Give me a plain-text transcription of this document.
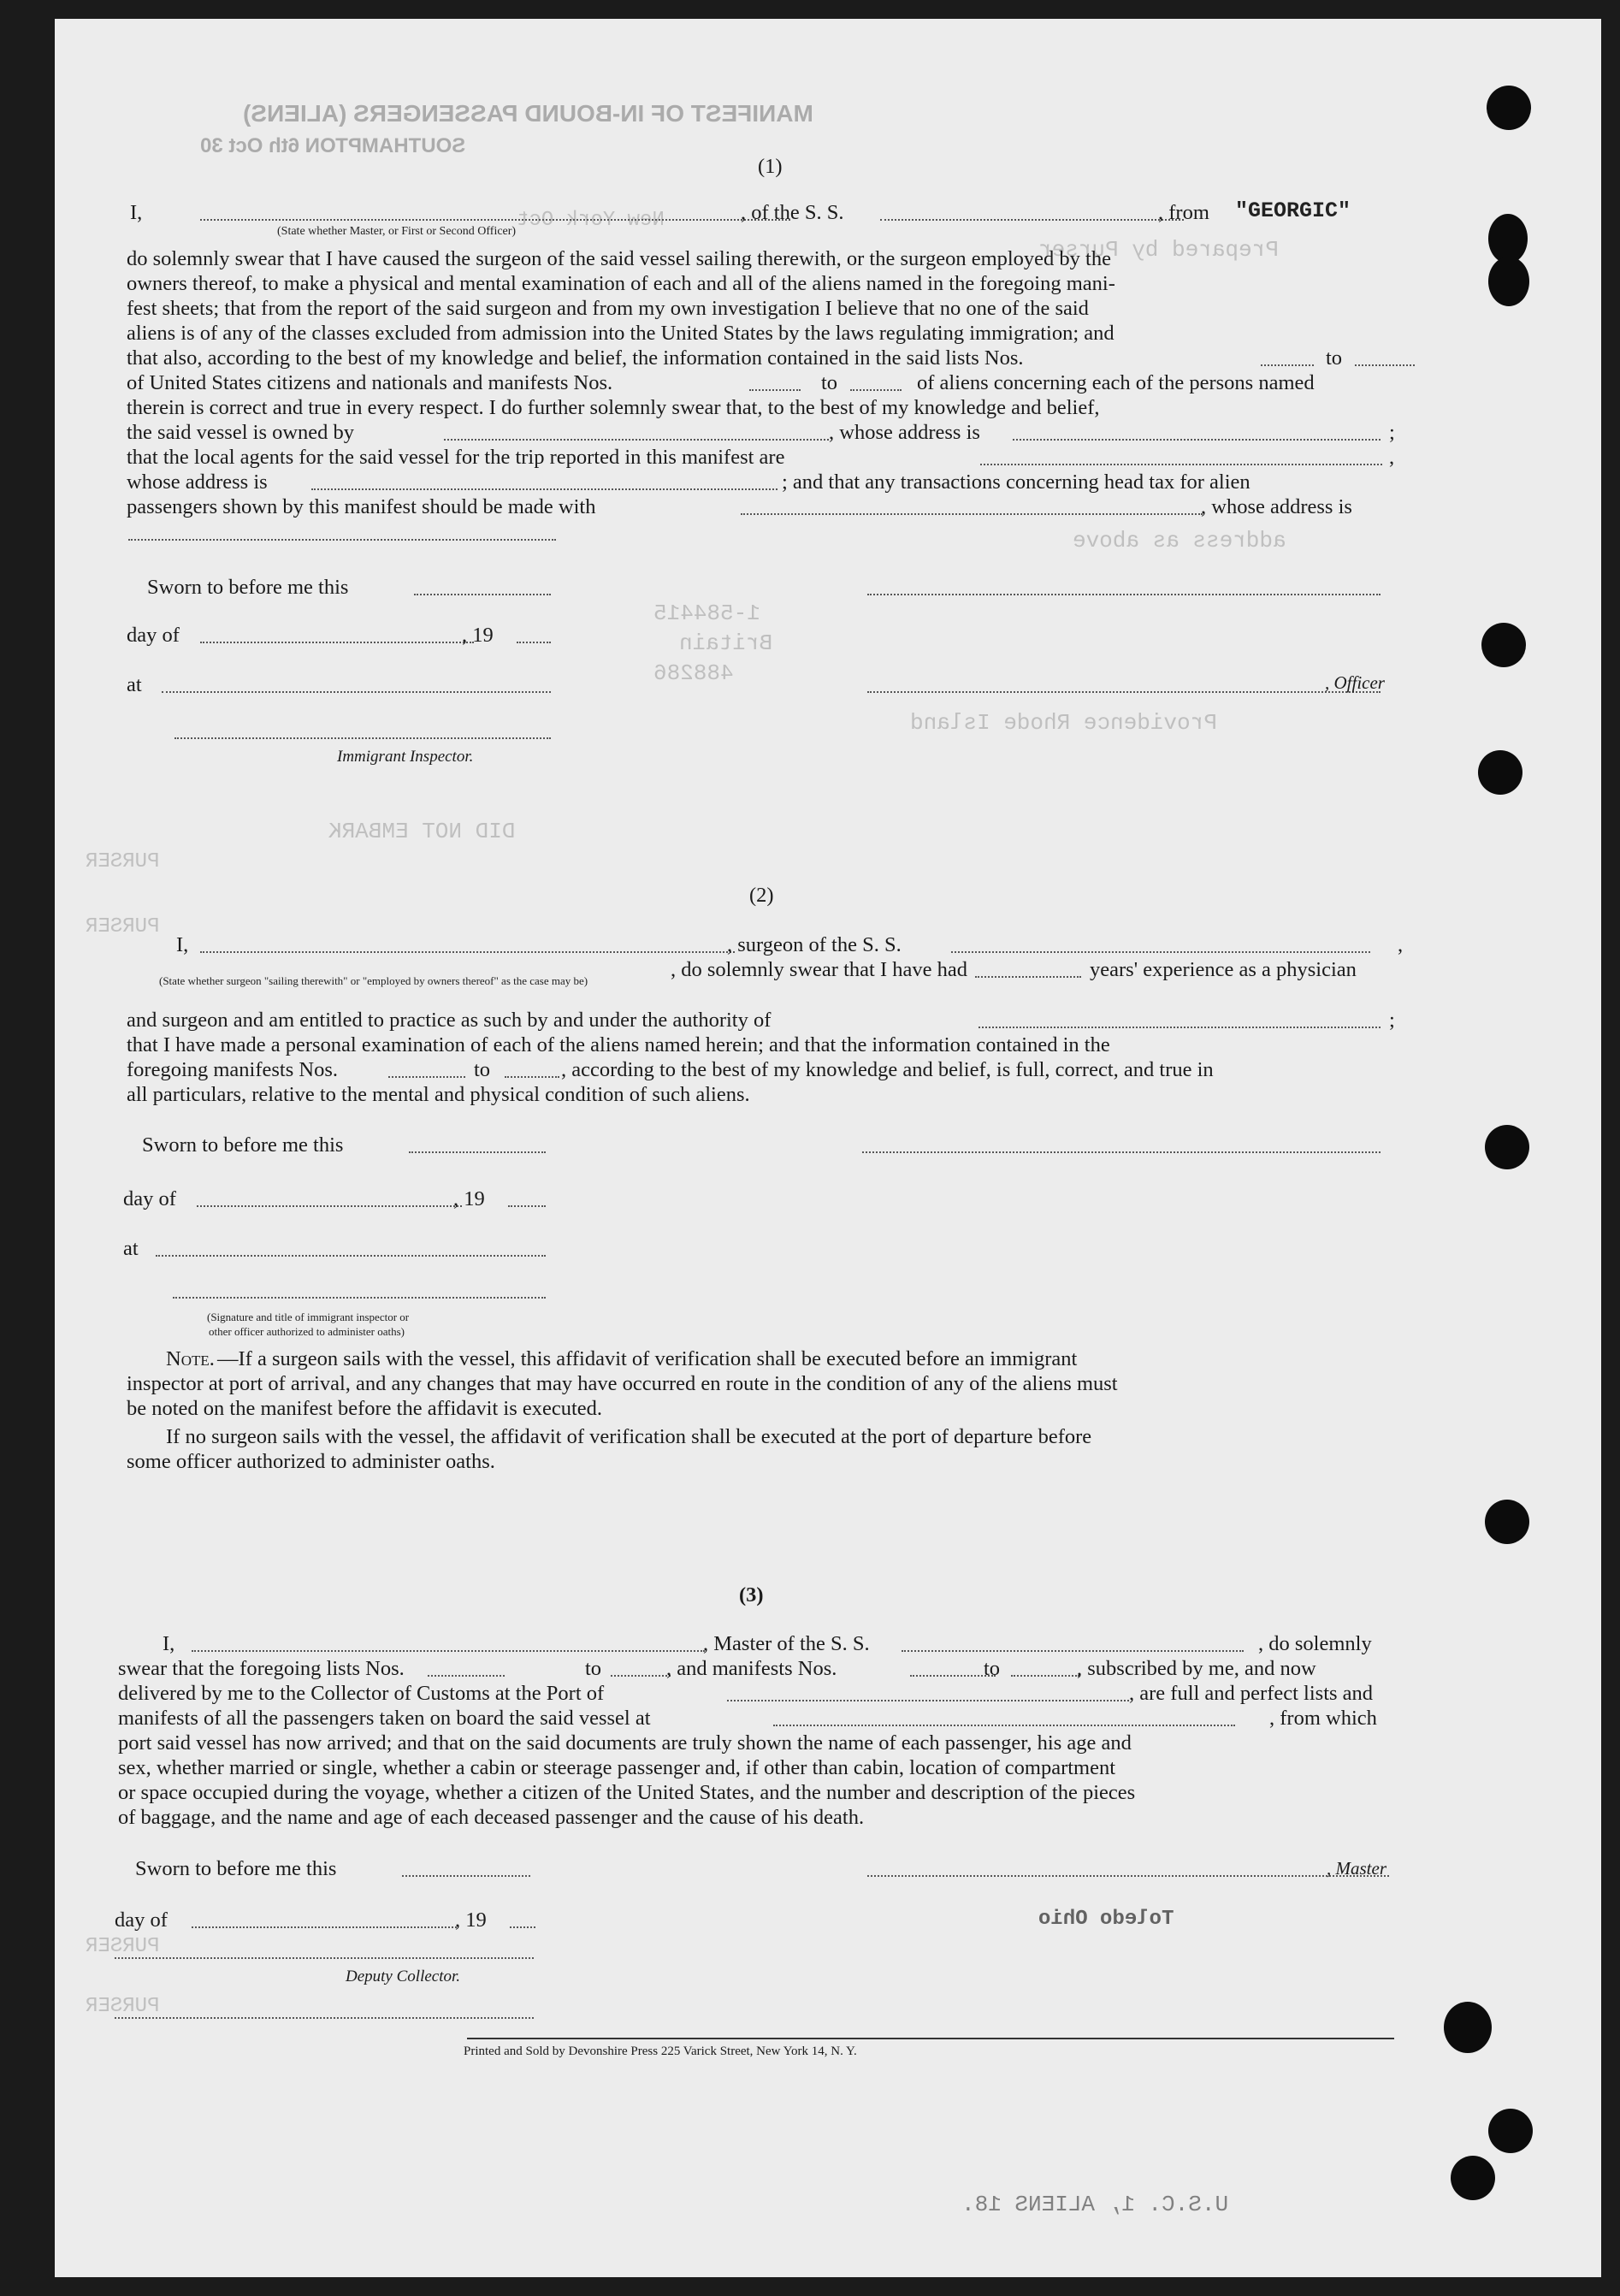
MANIFEST OF IN-BOUND PASSENGERS (ALIENS)
SOUTHAMPTON 6th Oct 30
New York Oct
Prepared by Purser
address as above
1-584415
Britain
488286
Providence Rhode Island
DID NOT EMBARK
PURSER
PURSER
PURSER
PURSER
(1)
I,	, of the S. S.	, from "GEORGIC"
(State whether Master, or First or Second Officer)
do solemnly swear that I have caused the surgeon of the said vessel sailing therewith, or the surgeon employed by the
owners thereof, to make a physical and mental examination of each and all of the aliens named in the foregoing mani-
fest sheets; that from the report of the said surgeon and from my own investigation I believe that no one of the said
aliens is of any of the classes excluded from admission into the United States by the laws regulating immigration; and
that also, according to the best of my knowledge and belief, the information contained in the said lists Nos.	to
of United States citizens and nationals and manifests Nos.	to	of aliens concerning each of the persons named
therein is correct and true in every respect. I do further solemnly swear that, to the best of my knowledge and belief,
the said vessel is owned by	, whose address is	;
that the local agents for the said vessel for the trip reported in this manifest are	,
whose address is	; and that any transactions concerning head tax for alien
passengers shown by this manifest should be made with	, whose address is
Sworn to before me this
day of	, 19
at
Immigrant Inspector.
, Officer
(2)
I,	, surgeon of the S. S.	,
(State whether surgeon "sailing therewith" or "employed by owners thereof" as the case may be)	, do solemnly swear that I have had	years' experience as a physician
and surgeon and am entitled to practice as such by and under the authority of	;
that I have made a personal examination of each of the aliens named herein; and that the information contained in the
foregoing manifests Nos.	to	, according to the best of my knowledge and belief, is full, correct, and true in
all particulars, relative to the mental and physical condition of such aliens.
Sworn to before me this
day of	, 19
at
(Signature and title of immigrant inspector or
other officer authorized to administer oaths)
Note. —If a surgeon sails with the vessel, this affidavit of verification shall be executed before an immigrant
inspector at port of arrival, and any changes that may have occurred en route in the condition of any of the aliens must
be noted on the manifest before the affidavit is executed.
If no surgeon sails with the vessel, the affidavit of verification shall be executed at the port of departure before
some officer authorized to administer oaths.
(3)
I,	, Master of the S. S.	, do solemnly
swear that the foregoing lists Nos.	to	, and manifests Nos.	to	, subscribed by me, and now
delivered by me to the Collector of Customs at the Port of	, are full and perfect lists and
manifests of all the passengers taken on board the said vessel at	, from which
port said vessel has now arrived; and that on the said documents are truly shown the name of each passenger, his age and
sex, whether married or single, whether a cabin or steerage passenger and, if other than cabin, location of compartment
or space occupied during the voyage, whether a citizen of the United States, and the number and description of the pieces
of baggage, and the name and age of each deceased passenger and the cause of his death.
Sworn to before me this
day of	, 19
Deputy Collector.
, Master
Toledo Ohio
Printed and Sold by Devonshire Press 225 Varick Street, New York 14, N. Y.
U.S.C. 1, ALIENS 18.
